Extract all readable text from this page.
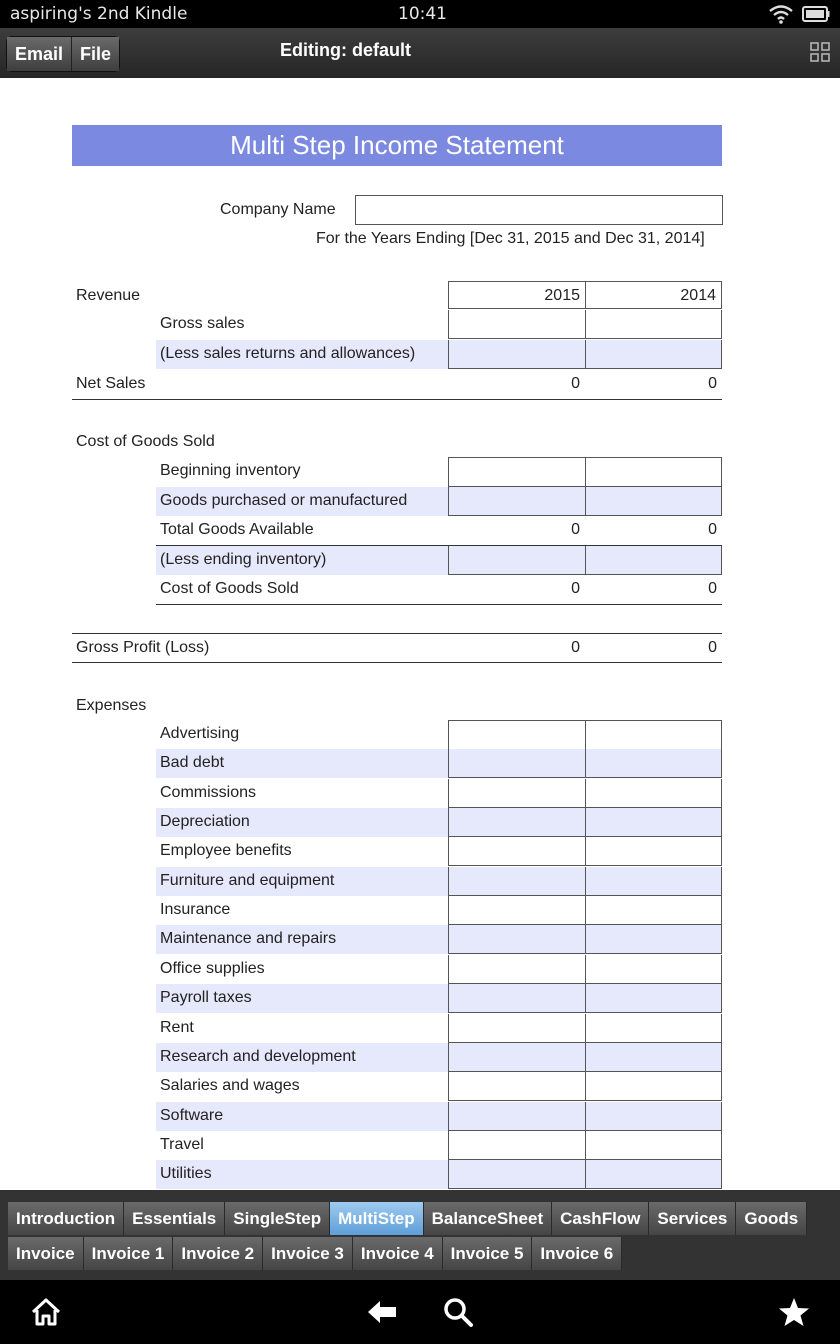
aspiring's 2nd Kindle	10:41
Email File	Editing: default
Multi Step Income Statement
Company Name
For the Years Ending [Dec 31, 2015 and Dec 31, 2014]
Revenue	2015	2014
Gross sales
(Less sales returns and allowances)
Net Sales	0	0
Cost of Goods Sold
Beginning inventory
Goods purchased or manufactured
Total Goods Available	0	0
(Less ending inventory)
Cost of Goods Sold	0	0
Gross Profit (Loss)	0	0
Expenses
Advertising
Bad debt
Commissions
Depreciation
Employee benefits
Furniture and equipment
Insurance
Maintenance and repairs
Office supplies
Payroll taxes
Rent
Research and development
Salaries and wages
Software
Travel
Utilities
Introduction	Essentials	SingleStep	MultiStep	BalanceSheet	CashFlow	Services	Goods
Invoice	Invoice 1	Invoice 2	Invoice 3	Invoice 4	Invoice 5	Invoice 6
